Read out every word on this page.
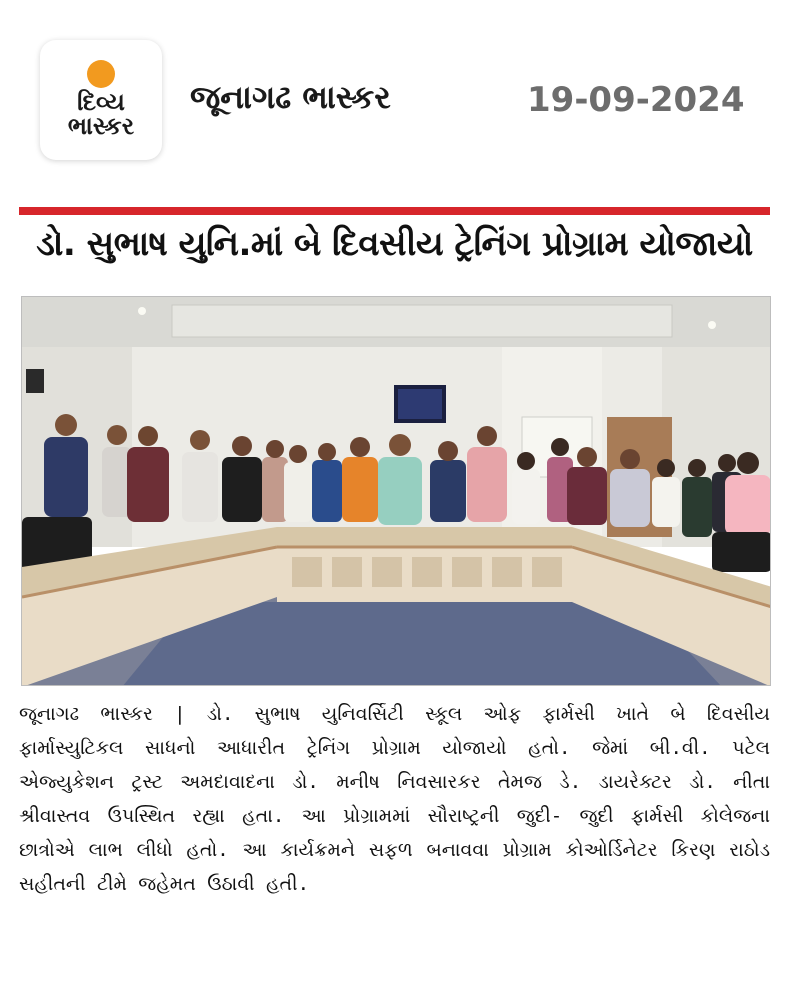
દિવ્ય ભાસ્કર
જૂનાગઢ ભાસ્કર	19-09-2024
ડો. સુભાષ યુનિ.માં બે દિવસીય ટ્રેનિંગ પ્રોગ્રામ યોજાયો
જૂનાગઢ ભાસ્કર | ડો. સુભાષ યુનિવર્સિટી સ્કૂલ ઓફ ફાર્મસી ખાતે બે દિવસીય ફાર્માસ્યુટિકલ સાધનો આધારીત ટ્રેનિંગ પ્રોગ્રામ યોજાયો હતો. જેમાં બી.વી. પટેલ એજ્યુકેશન ટ્રસ્ટ અમદાવાદના ડો. મનીષ નિવસારકર તેમજ ડે. ડાયરેક્ટર ડો. નીતા શ્રીવાસ્તવ ઉપસ્થિત રહ્યા હતા. આ પ્રોગ્રામમાં સૌરાષ્ટ્રની જુદી- જુદી ફાર્મસી કોલેજના છાત્રોએ લાભ લીધો હતો. આ કાર્યક્રમને સફળ બનાવવા પ્રોગ્રામ કોઓર્ડિનેટર કિરણ રાઠોડ સહીતની ટીમે જહેમત ઉઠાવી હતી.
